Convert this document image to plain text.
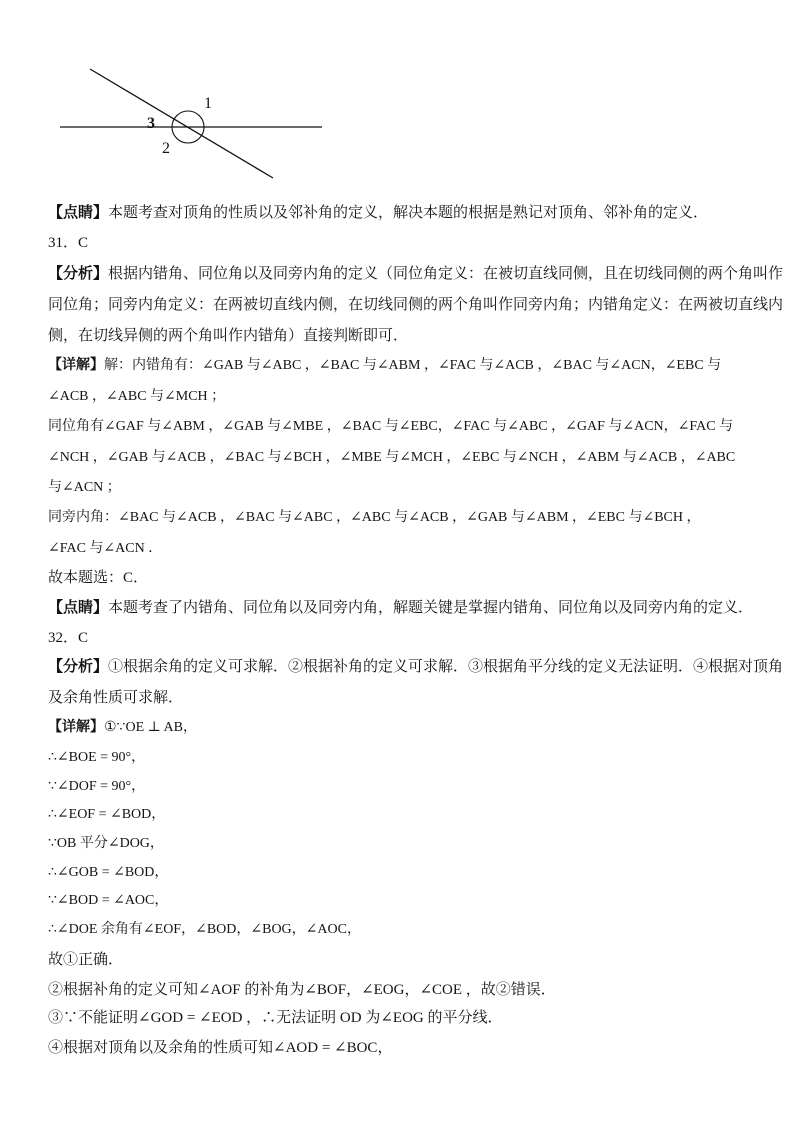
1
3
2
【点睛】本题考查对顶角的性质以及邻补角的定义，解决本题的根据是熟记对顶角、邻补角的定义．
31．C
【分析】根据内错角、同位角以及同旁内角的定义（同位角定义：在被切直线同侧，且在切线同侧的两个角叫作
同位角；同旁内角定义：在两被切直线内侧，在切线同侧的两个角叫作同旁内角；内错角定义：在两被切直线内
侧，在切线异侧的两个角叫作内错角）直接判断即可．
【详解】解：内错角有：∠GAB 与∠ABC ，∠BAC 与∠ABM ，∠FAC 与∠ACB ，∠BAC 与∠ACN，∠EBC 与
∠ACB ，∠ABC 与∠MCH ；
同位角有∠GAF 与∠ABM ，∠GAB 与∠MBE ，∠BAC 与∠EBC，∠FAC 与∠ABC ，∠GAF 与∠ACN，∠FAC 与
∠NCH ，∠GAB 与∠ACB ，∠BAC 与∠BCH ，∠MBE 与∠MCH ，∠EBC 与∠NCH ，∠ABM 与∠ACB ，∠ABC
与∠ACN ；
同旁内角：∠BAC 与∠ACB ，∠BAC 与∠ABC ，∠ABC 与∠ACB ，∠GAB 与∠ABM ，∠EBC 与∠BCH ，
∠FAC 与∠ACN ．
故本题选：C．
【点睛】本题考查了内错角、同位角以及同旁内角，解题关键是掌握内错角、同位角以及同旁内角的定义．
32．C
【分析】①根据余角的定义可求解．②根据补角的定义可求解．③根据角平分线的定义无法证明．④根据对顶角
及余角性质可求解．
【详解】①∵OE ⊥ AB，
∴∠BOE = 90°，
∵∠DOF = 90°，
∴∠EOF = ∠BOD，
∵OB 平分∠DOG，
∴∠GOB = ∠BOD，
∵∠BOD = ∠AOC，
∴∠DOE 余角有∠EOF，∠BOD，∠BOG，∠AOC，
故①正确．
②根据补角的定义可知∠AOF 的补角为∠BOF，∠EOG，∠COE ，故②错误．
③∵不能证明∠GOD = ∠EOD ，∴无法证明 OD 为∠EOG 的平分线．
④根据对顶角以及余角的性质可知∠AOD = ∠BOC，
